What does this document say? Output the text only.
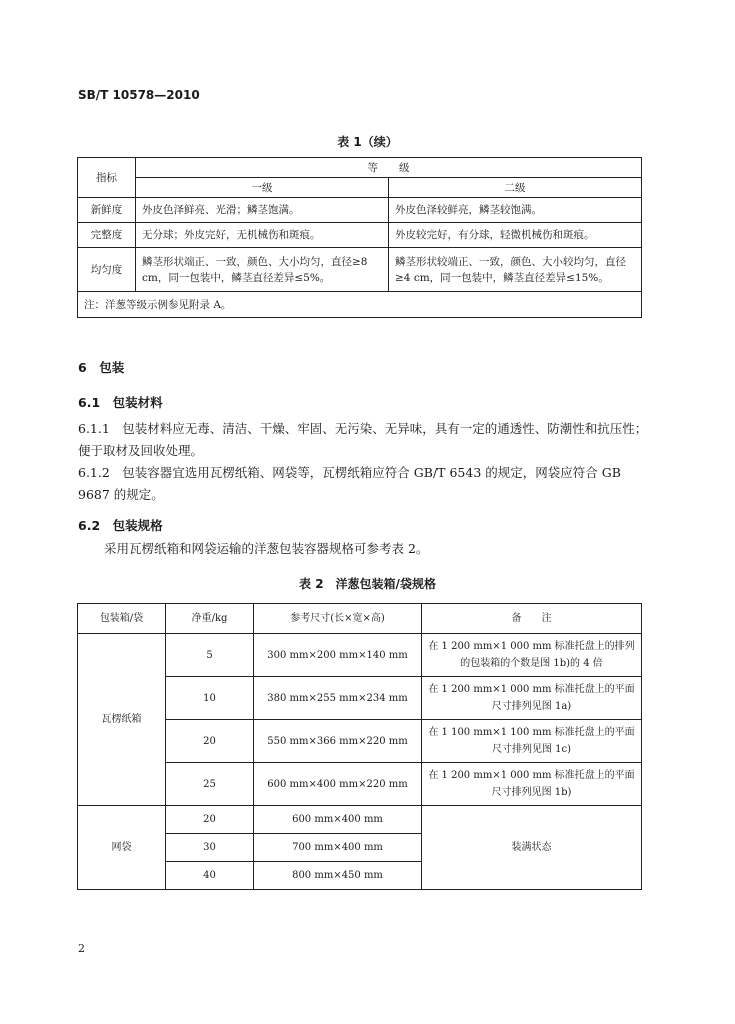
SB/T 10578—2010
表 1（续）
指标	等　　级	
	一级	二级
新鲜度	外皮色泽鲜亮、光滑；鳞茎饱满。	外皮色泽较鲜亮，鳞茎较饱满。
完整度	无分球；外皮完好，无机械伤和斑痕。	外皮较完好，有分球，轻微机械伤和斑痕。
均匀度	鳞茎形状端正、一致，颜色、大小均匀，直径≥8 cm，同一包装中，鳞茎直径差异≤5%。	鳞茎形状较端正、一致，颜色、大小较均匀，直径≥4 cm，同一包装中，鳞茎直径差异≤15%。
注：洋葱等级示例参见附录 A。		
6　包装
6.1　包装材料
6.1.1　包装材料应无毒、清洁、干燥、牢固、无污染、无异味，具有一定的通透性、防潮性和抗压性；便于取材及回收处理。
6.1.2　包装容器宜选用瓦楞纸箱、网袋等，瓦楞纸箱应符合 GB/T 6543 的规定，网袋应符合 GB 9687 的规定。
6.2　包装规格
采用瓦楞纸箱和网袋运输的洋葱包装容器规格可参考表 2。
表 2　洋葱包装箱/袋规格
包装箱/袋	净重/kg	参考尺寸(长×宽×高)	备　　注
瓦楞纸箱	5	300 mm×200 mm×140 mm	在 1 200 mm×1 000 mm 标准托盘上的排列的包装箱的个数是图 1b)的 4 倍
	10	380 mm×255 mm×234 mm	在 1 200 mm×1 000 mm 标准托盘上的平面尺寸排列见图 1a)
	20	550 mm×366 mm×220 mm	在 1 100 mm×1 100 mm 标准托盘上的平面尺寸排列见图 1c)
	25	600 mm×400 mm×220 mm	在 1 200 mm×1 000 mm 标准托盘上的平面尺寸排列见图 1b)
网袋	20	600 mm×400 mm	装满状态
	30	700 mm×400 mm	
	40	800 mm×450 mm	
2
